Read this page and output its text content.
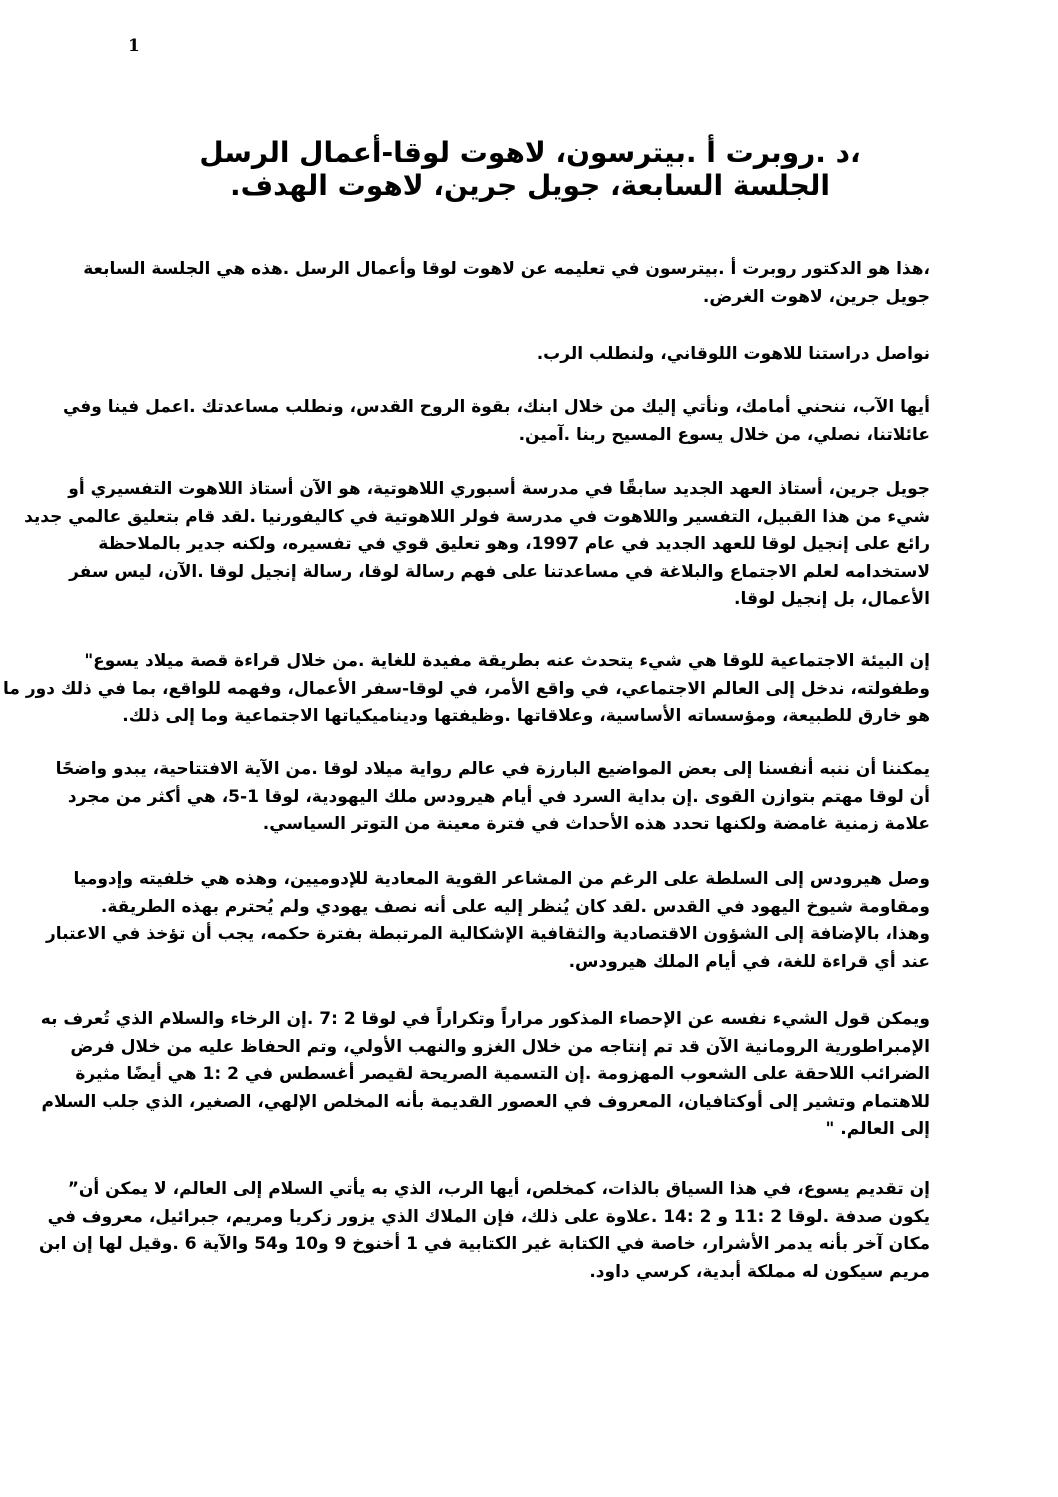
1
،د .روبرت أ .بيترسون، لاهوت لوقا-أعمال الرسل
الجلسة السابعة، جويل جرين، لاهوت الهدف.
،هذا هو الدكتور روبرت أ .بيترسون في تعليمه عن لاهوت لوقا وأعمال الرسل .هذه هي الجلسة السابعة
جويل جرين، لاهوت الغرض.
نواصل دراستنا للاهوت اللوقاني، ولنطلب الرب.
أيها الآب، ننحني أمامك، ونأتي إليك من خلال ابنك، بقوة الروح القدس، ونطلب مساعدتك .اعمل فينا وفي
عائلاتنا، نصلي، من خلال يسوع المسيح ربنا .آمين.
جويل جرين، أستاذ العهد الجديد سابقًا في مدرسة أسبوري اللاهوتية، هو الآن أستاذ اللاهوت التفسيري أو
شيء من هذا القبيل، التفسير واللاهوت في مدرسة فولر اللاهوتية في كاليفورنيا .لقد قام بتعليق عالمي جديد
رائع على إنجيل لوقا للعهد الجديد في عام 1997، وهو تعليق قوي في تفسيره، ولكنه جدير بالملاحظة
لاستخدامه لعلم الاجتماع والبلاغة في مساعدتنا على فهم رسالة لوقا، رسالة إنجيل لوقا .الآن، ليس سفر
الأعمال، بل إنجيل لوقا.
إن البيئة الاجتماعية للوقا هي شيء يتحدث عنه بطريقة مفيدة للغاية .من خلال قراءة قصة ميلاد يسوع"
وطفولته، ندخل إلى العالم الاجتماعي، في واقع الأمر، في لوقا-سفر الأعمال، وفهمه للواقع، بما في ذلك دور ما
هو خارق للطبيعة، ومؤسساته الأساسية، وعلاقاتها .وظيفتها وديناميكياتها الاجتماعية وما إلى ذلك.
يمكننا أن ننبه أنفسنا إلى بعض المواضيع البارزة في عالم رواية ميلاد لوقا .من الآية الافتتاحية، يبدو واضحًا
أن لوقا مهتم بتوازن القوى .إن بداية السرد في أيام هيرودس ملك اليهودية، لوقا 1-5، هي أكثر من مجرد
علامة زمنية غامضة ولكنها تحدد هذه الأحداث في فترة معينة من التوتر السياسي.
وصل هيرودس إلى السلطة على الرغم من المشاعر القوية المعادية للإدوميين، وهذه هي خلفيته وإدوميا
ومقاومة شيوخ اليهود في القدس .لقد كان يُنظر إليه على أنه نصف يهودي ولم يُحترم بهذه الطريقة.
وهذا، بالإضافة إلى الشؤون الاقتصادية والثقافية الإشكالية المرتبطة بفترة حكمه، يجب أن تؤخذ في الاعتبار
عند أي قراءة للغة، في أيام الملك هيرودس.
ويمكن قول الشيء نفسه عن الإحصاء المذكور مراراً وتكراراً في لوقا 2 :7 .إن الرخاء والسلام الذي تُعرف به
الإمبراطورية الرومانية الآن قد تم إنتاجه من خلال الغزو والنهب الأولي، وتم الحفاظ عليه من خلال فرض
الضرائب اللاحقة على الشعوب المهزومة .إن التسمية الصريحة لقيصر أغسطس في 2 :1 هي أيضًا مثيرة
للاهتمام وتشير إلى أوكتافيان، المعروف في العصور القديمة بأنه المخلص الإلهي، الصغير، الذي جلب السلام
إلى العالم. "
إن تقديم يسوع، في هذا السياق بالذات، كمخلص، أيها الرب، الذي به يأتي السلام إلى العالم، لا يمكن أن”
يكون صدفة .لوقا 2 :11 و 2 :14 .علاوة على ذلك، فإن الملاك الذي يزور زكريا ومريم، جبرائيل، معروف في
مكان آخر بأنه يدمر الأشرار، خاصة في الكتابة غير الكتابية في 1 أخنوخ 9 و10 و54 والآية 6 .وقيل لها إن ابن
مريم سيكون له مملكة أبدية، كرسي داود.
